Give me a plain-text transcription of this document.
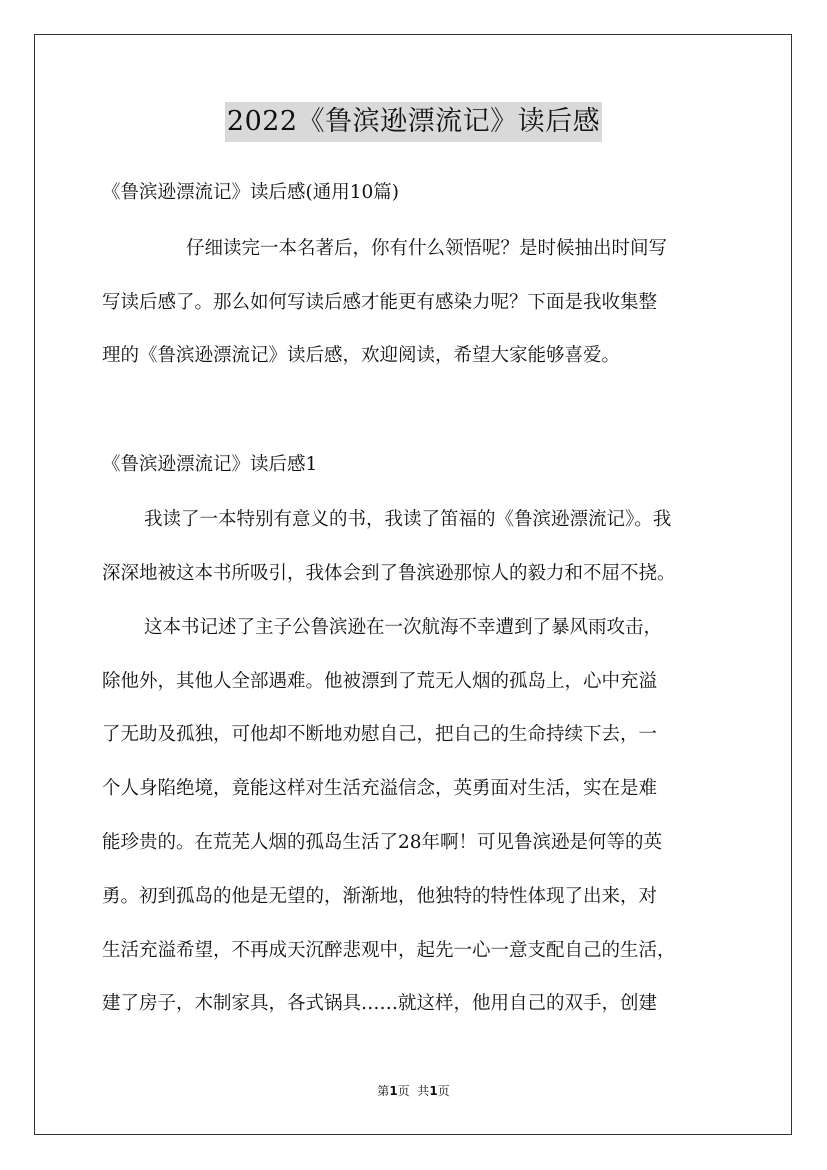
2022《鲁滨逊漂流记》读后感
《鲁滨逊漂流记》读后感(通用10篇)
仔细读完一本名著后，你有什么领悟呢？是时候抽出时间写
写读后感了。那么如何写读后感才能更有感染力呢？下面是我收集整
理的《鲁滨逊漂流记》读后感，欢迎阅读，希望大家能够喜爱。
《鲁滨逊漂流记》读后感1
我读了一本特别有意义的书，我读了笛福的《鲁滨逊漂流记》。我
深深地被这本书所吸引，我体会到了鲁滨逊那惊人的毅力和不屈不挠。
这本书记述了主子公鲁滨逊在一次航海不幸遭到了暴风雨攻击，
除他外，其他人全部遇难。他被漂到了荒无人烟的孤岛上，心中充溢
了无助及孤独，可他却不断地劝慰自己，把自己的生命持续下去，一
个人身陷绝境，竟能这样对生活充溢信念，英勇面对生活，实在是难
能珍贵的。在荒芜人烟的孤岛生活了28年啊！可见鲁滨逊是何等的英
勇。初到孤岛的他是无望的，渐渐地，他独特的特性体现了出来，对
生活充溢希望，不再成天沉醉悲观中，起先一心一意支配自己的生活，
建了房子，木制家具，各式锅具……就这样，他用自己的双手，创建
第1页  共1页
